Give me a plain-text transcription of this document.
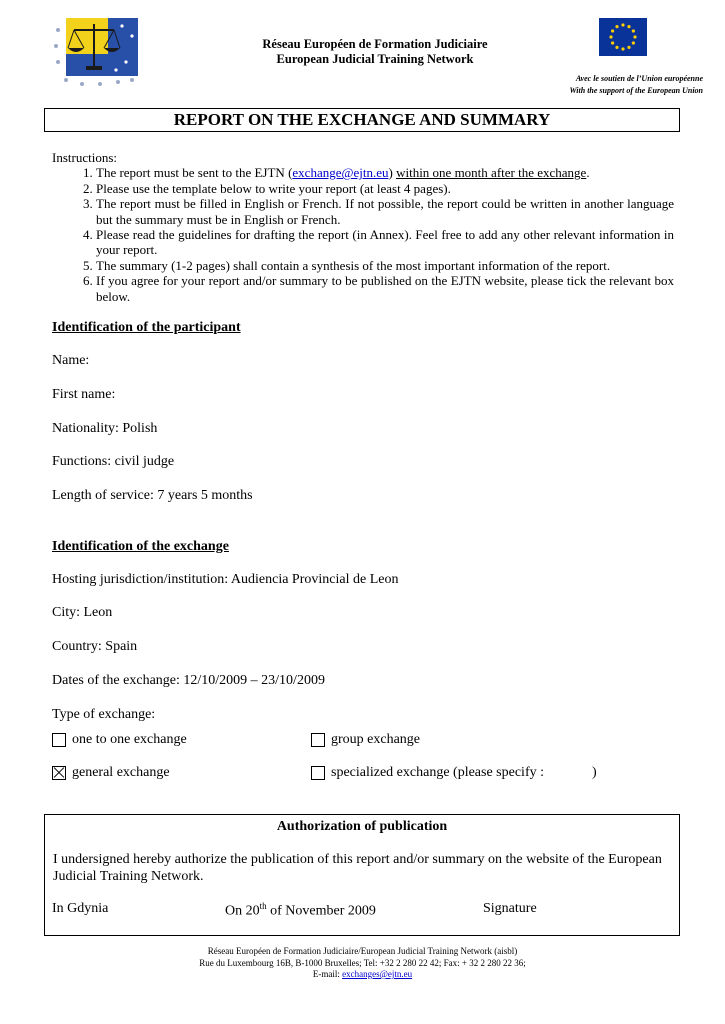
Réseau Européen de Formation Judiciaire
European Judicial Training Network
Avec le soutien de l’Union européenne
With the support of the European Union
REPORT ON THE EXCHANGE AND SUMMARY
Instructions:
1. The report must be sent to the EJTN (exchange@ejtn.eu) within one month after the exchange.
2. Please use the template below to write your report (at least 4 pages).
3. The report must be filled in English or French. If not possible, the report could be written in another language but the summary must be in English or French.
4. Please read the guidelines for drafting the report (in Annex). Feel free to add any other relevant information in your report.
5. The summary (1-2 pages) shall contain a synthesis of the most important information of the report.
6. If you agree for your report and/or summary to be published on the EJTN website, please tick the relevant box below.
Identification of the participant
Name:
First name:
Nationality: Polish
Functions: civil judge
Length of service: 7 years 5 months
Identification of the exchange
Hosting jurisdiction/institution: Audiencia Provincial de Leon
City: Leon
Country: Spain
Dates of the exchange: 12/10/2009 – 23/10/2009
Type of exchange:
one to one exchange	group exchange
general exchange	specialized exchange (please specify :	)
Authorization of publication
I undersigned hereby authorize the publication of this report and/or summary on the website of the European Judicial Training Network.
In Gdynia	On 20th of November 2009	Signature
Réseau Européen de Formation Judiciaire/European Judicial Training Network (aisbl)
Rue du Luxembourg 16B, B-1000 Bruxelles; Tel: +32 2 280 22 42; Fax: + 32 2 280 22 36;
E-mail: exchanges@ejtn.eu
